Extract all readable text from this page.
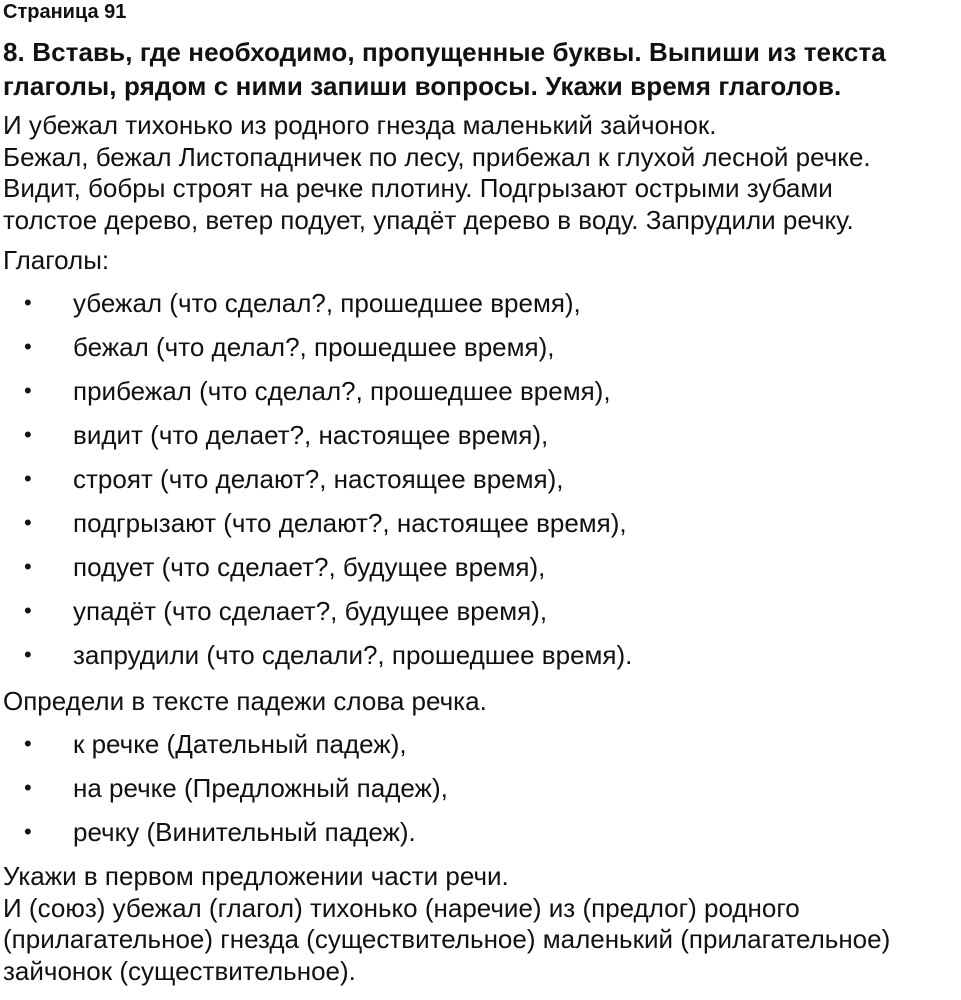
Страница 91

8. Вставь, где необходимо, пропущенные буквы. Выпиши из текста
глаголы, рядом с ними запиши вопросы. Укажи время глаголов.
И убежал тихонько из родного гнезда маленький зайчонок.
Бежал, бежал Листопадничек по лесу, прибежал к глухой лесной речке.
Видит, бобры строят на речке плотину. Подгрызают острыми зубами
толстое дерево, ветер подует, упадёт дерево в воду. Запрудили речку.
Глаголы:
• убежал (что сделал?, прошедшее время),
• бежал (что делал?, прошедшее время),
• прибежал (что сделал?, прошедшее время),
• видит (что делает?, настоящее время),
• строят (что делают?, настоящее время),
• подгрызают (что делают?, настоящее время),
• подует (что сделает?, будущее время),
• упадёт (что сделает?, будущее время),
• запрудили (что сделали?, прошедшее время).
Определи в тексте падежи слова речка.
• к речке (Дательный падеж),
• на речке (Предложный падеж),
• речку (Винительный падеж).
Укажи в первом предложении части речи.
И (союз) убежал (глагол) тихонько (наречие) из (предлог) родного
(прилагательное) гнезда (существительное) маленький (прилагательное)
зайчонок (существительное).
